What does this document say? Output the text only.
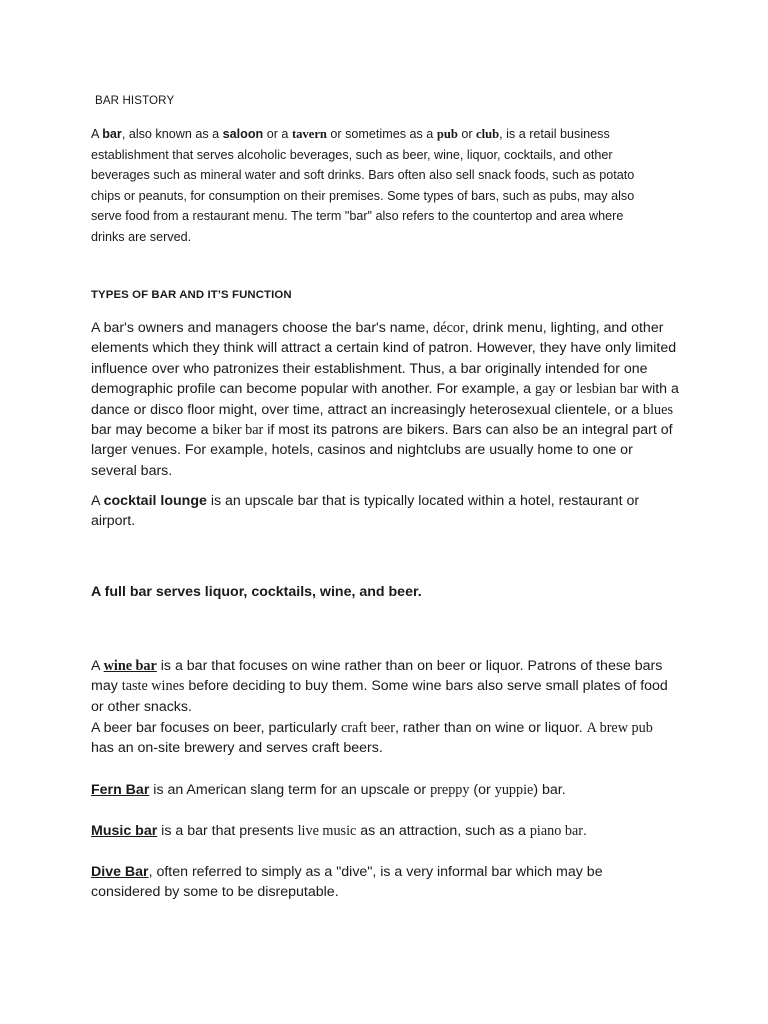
BAR HISTORY
A bar, also known as a saloon or a tavern or sometimes as a pub or club, is a retail business establishment that serves alcoholic beverages, such as beer, wine, liquor, cocktails, and other beverages such as mineral water and soft drinks. Bars often also sell snack foods, such as potato chips or peanuts, for consumption on their premises. Some types of bars, such as pubs, may also serve food from a restaurant menu. The term "bar" also refers to the countertop and area where drinks are served.
TYPES OF BAR AND IT’S FUNCTION
A bar's owners and managers choose the bar's name, décor, drink menu, lighting, and other elements which they think will attract a certain kind of patron. However, they have only limited influence over who patronizes their establishment. Thus, a bar originally intended for one demographic profile can become popular with another. For example, a gay or lesbian bar with a dance or disco floor might, over time, attract an increasingly heterosexual clientele, or a blues bar may become a biker bar if most its patrons are bikers. Bars can also be an integral part of larger venues. For example, hotels, casinos and nightclubs are usually home to one or several bars.
A cocktail lounge is an upscale bar that is typically located within a hotel, restaurant or airport.
A full bar serves liquor, cocktails, wine, and beer.
A wine bar is a bar that focuses on wine rather than on beer or liquor. Patrons of these bars may taste wines before deciding to buy them. Some wine bars also serve small plates of food or other snacks.
A beer bar focuses on beer, particularly craft beer, rather than on wine or liquor. A brew pub has an on-site brewery and serves craft beers.
Fern Bar is an American slang term for an upscale or preppy (or yuppie) bar.
Music bar is a bar that presents live music as an attraction, such as a piano bar.
Dive Bar, often referred to simply as a "dive", is a very informal bar which may be considered by some to be disreputable.
